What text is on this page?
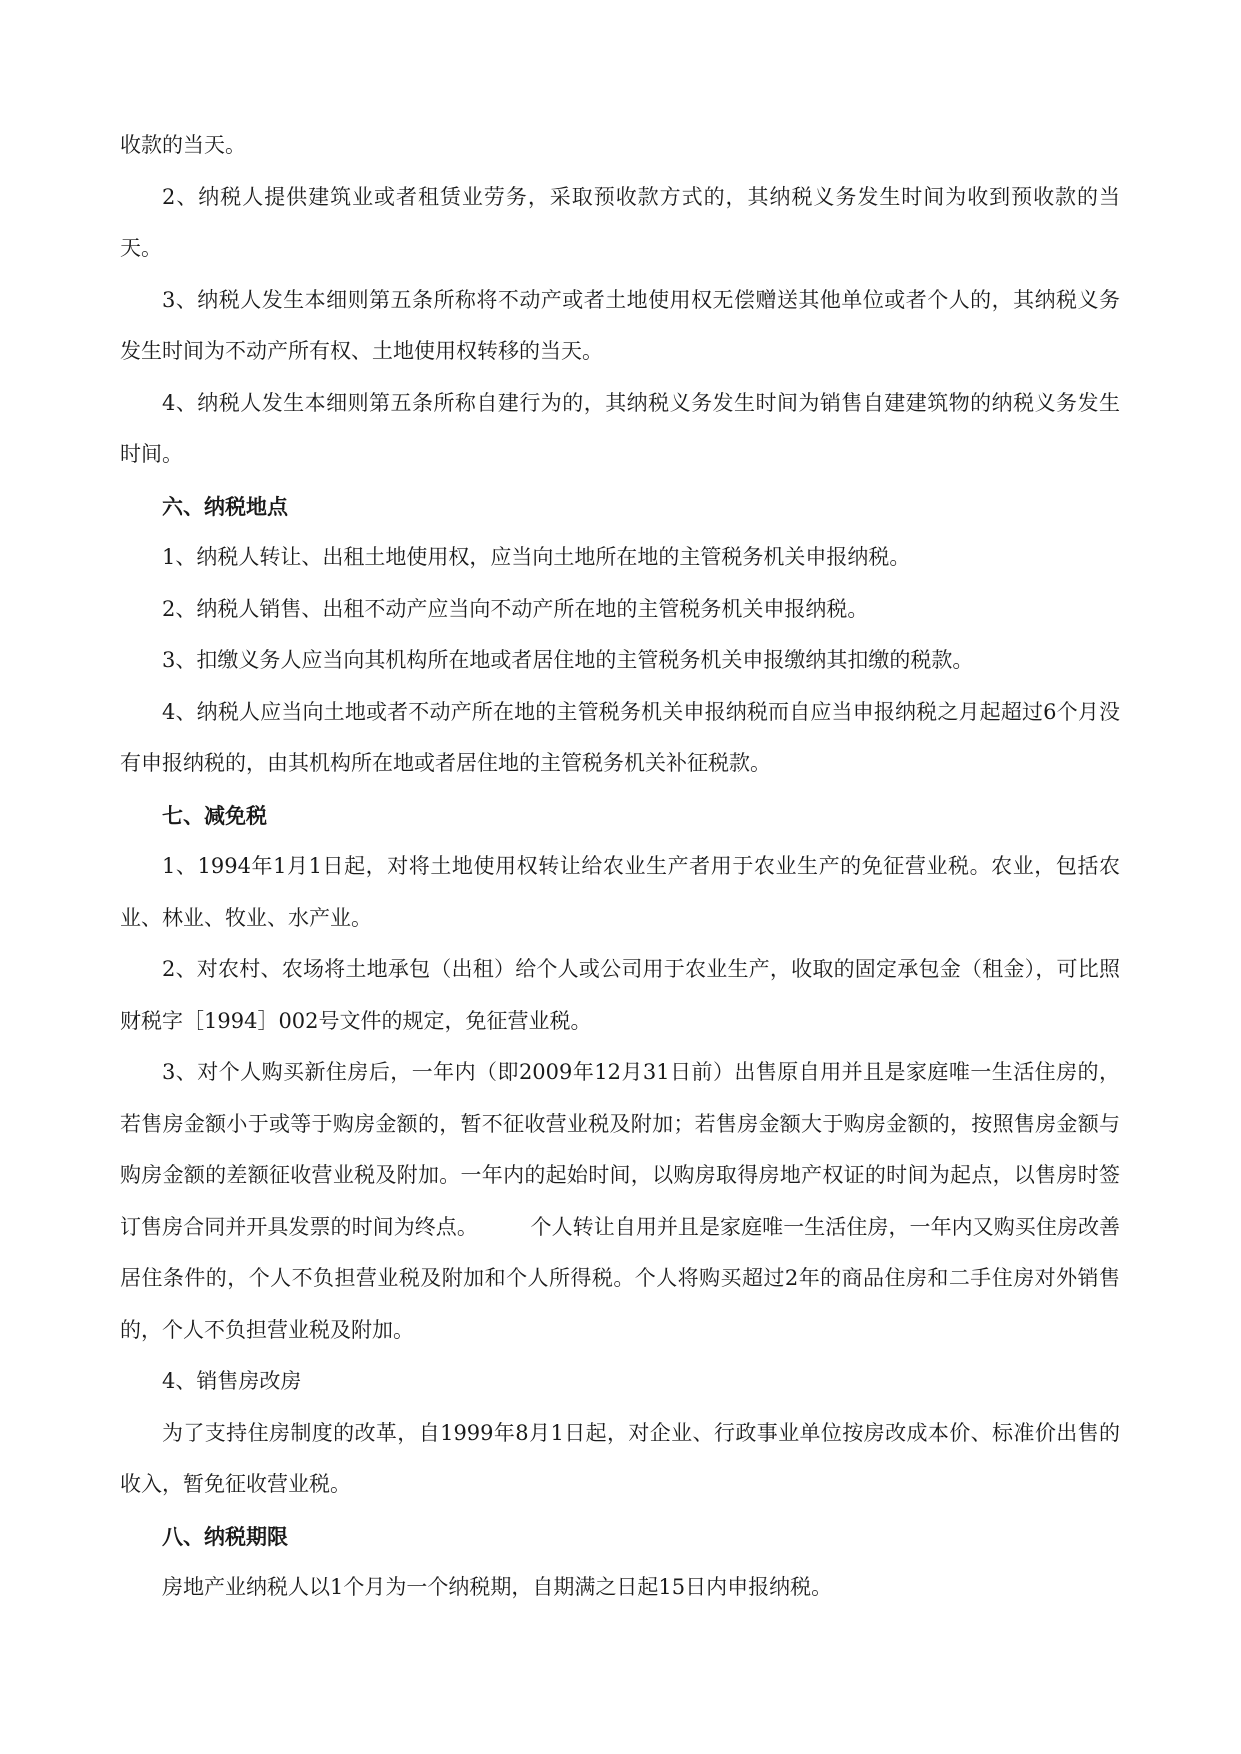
收款的当天。

2、纳税人提供建筑业或者租赁业劳务，采取预收款方式的，其纳税义务发生时间为收到预收款的当天。

3、纳税人发生本细则第五条所称将不动产或者土地使用权无偿赠送其他单位或者个人的，其纳税义务发生时间为不动产所有权、土地使用权转移的当天。

4、纳税人发生本细则第五条所称自建行为的，其纳税义务发生时间为销售自建建筑物的纳税义务发生时间。

六、纳税地点

1、纳税人转让、出租土地使用权，应当向土地所在地的主管税务机关申报纳税。

2、纳税人销售、出租不动产应当向不动产所在地的主管税务机关申报纳税。

3、扣缴义务人应当向其机构所在地或者居住地的主管税务机关申报缴纳其扣缴的税款。

4、纳税人应当向土地或者不动产所在地的主管税务机关申报纳税而自应当申报纳税之月起超过6个月没有申报纳税的，由其机构所在地或者居住地的主管税务机关补征税款。

七、减免税

1、1994年1月1日起，对将土地使用权转让给农业生产者用于农业生产的免征营业税。农业，包括农业、林业、牧业、水产业。

2、对农村、农场将土地承包（出租）给个人或公司用于农业生产，收取的固定承包金（租金），可比照财税字［1994］002号文件的规定，免征营业税。

3、对个人购买新住房后，一年内（即2009年12月31日前）出售原自用并且是家庭唯一生活住房的，若售房金额小于或等于购房金额的，暂不征收营业税及附加；若售房金额大于购房金额的，按照售房金额与购房金额的差额征收营业税及附加。一年内的起始时间，以购房取得房地产权证的时间为起点，以售房时签订售房合同并开具发票的时间为终点。　　　个人转让自用并且是家庭唯一生活住房，一年内又购买住房改善居住条件的，个人不负担营业税及附加和个人所得税。个人将购买超过2年的商品住房和二手住房对外销售的，个人不负担营业税及附加。

4、销售房改房

为了支持住房制度的改革，自1999年8月1日起，对企业、行政事业单位按房改成本价、标准价出售的收入，暂免征收营业税。

八、纳税期限

房地产业纳税人以1个月为一个纳税期，自期满之日起15日内申报纳税。
